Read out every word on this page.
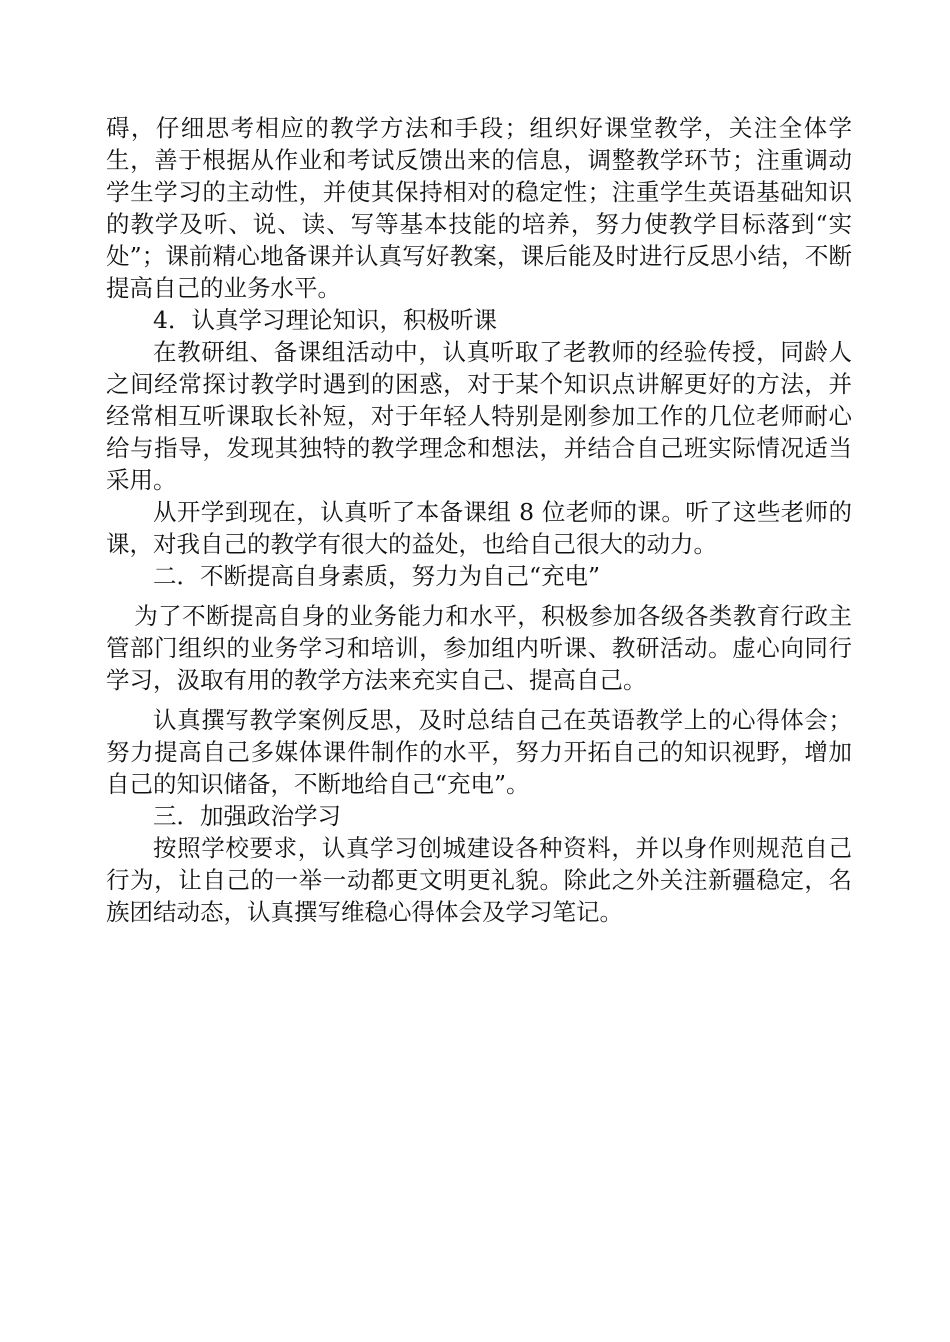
碍，仔细思考相应的教学方法和手段；组织好课堂教学，关注全体学生，善于根据从作业和考试反馈出来的信息，调整教学环节；注重调动学生学习的主动性，并使其保持相对的稳定性；注重学生英语基础知识的教学及听、说、读、写等基本技能的培养，努力使教学目标落到“实处”；课前精心地备课并认真写好教案，课后能及时进行反思小结，不断提高自己的业务水平。

4．认真学习理论知识，积极听课

在教研组、备课组活动中，认真听取了老教师的经验传授，同龄人之间经常探讨教学时遇到的困惑，对于某个知识点讲解更好的方法，并经常相互听课取长补短，对于年轻人特别是刚参加工作的几位老师耐心给与指导，发现其独特的教学理念和想法，并结合自己班实际情况适当采用。

从开学到现在，认真听了本备课组 8 位老师的课。听了这些老师的课，对我自己的教学有很大的益处，也给自己很大的动力。

二．不断提高自身素质，努力为自己“充电”

为了不断提高自身的业务能力和水平，积极参加各级各类教育行政主管部门组织的业务学习和培训，参加组内听课、教研活动。虚心向同行学习，汲取有用的教学方法来充实自己、提高自己。

认真撰写教学案例反思，及时总结自己在英语教学上的心得体会；努力提高自己多媒体课件制作的水平，努力开拓自己的知识视野，增加自己的知识储备，不断地给自己“充电”。

三．加强政治学习

按照学校要求，认真学习创城建设各种资料，并以身作则规范自己行为，让自己的一举一动都更文明更礼貌。除此之外关注新疆稳定，名族团结动态，认真撰写维稳心得体会及学习笔记。
